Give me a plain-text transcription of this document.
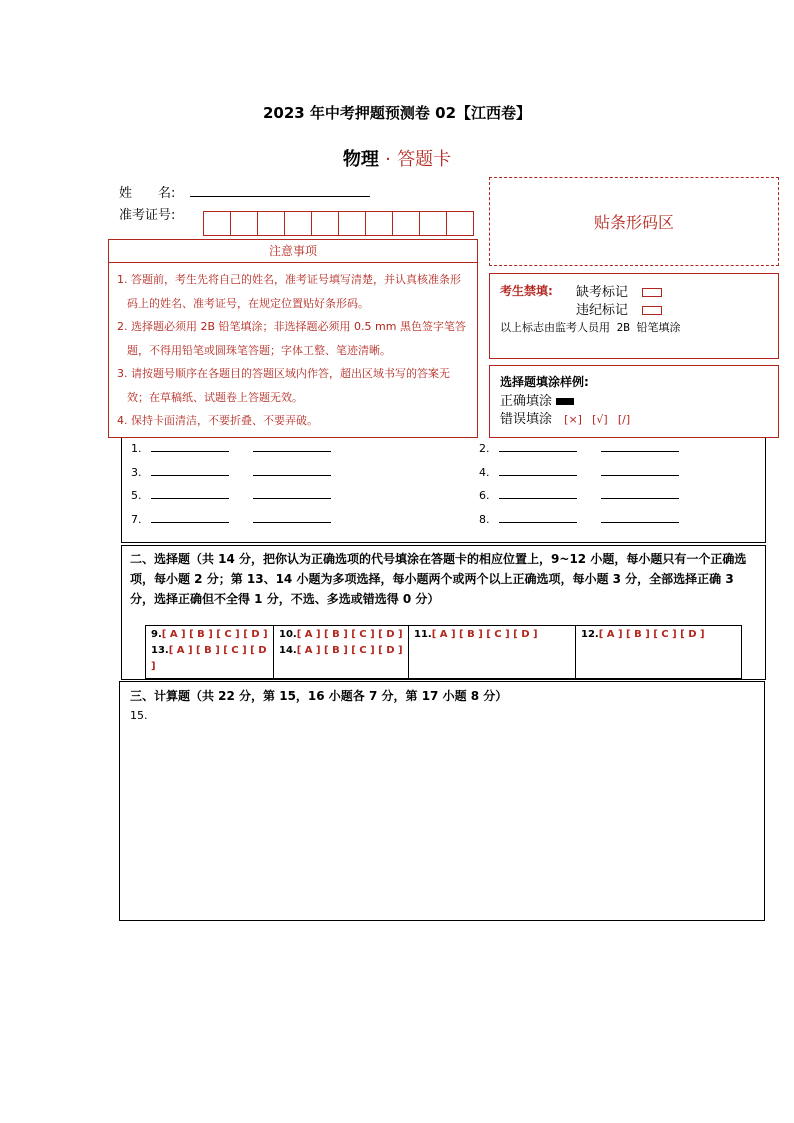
2023 年中考押题预测卷 02【江西卷】
物理 · 答题卡
姓　　名:
准考证号:	贴条形码区
1.
3.
5.
7.
2.
4.
6.
8.
注意事项
1. 答题前，考生先将自己的姓名，准考证号填写清楚，并认真核准条形码上的姓名、准考证号，在规定位置贴好条形码。
2. 选择题必须用 2B 铅笔填涂；非选择题必须用 0.5 mm 黑色签字笔答题，不得用铅笔或圆珠笔答题；字体工整、笔迹清晰。
3. 请按题号顺序在各题目的答题区域内作答，超出区域书写的答案无效；在草稿纸、试题卷上答题无效。
4. 保持卡面清洁，不要折叠、不要弄破。
考生禁填: 缺考标记
违纪标记
以上标志由监考人员用 2B 铅笔填涂
选择题填涂样例:
正确填涂
错误填涂 [×] [√] [/]
二、选择题（共 14 分，把你认为正确选项的代号填涂在答题卡的相应位置上，9~12 小题，每小题只有一个正确选项，每小题 2 分；第 13、14 小题为多项选择，每小题两个或两个以上正确选项，每小题 3 分，全部选择正确 3 分，选择正确但不全得 1 分，不选、多选或错选得 0 分）
9.[ A ] [ B ] [ C ] [ D ]
13.[ A ] [ B ] [ C ] [ D ]
10.[ A ] [ B ] [ C ] [ D ]
14.[ A ] [ B ] [ C ] [ D ]
11.[ A ] [ B ] [ C ] [ D ]	12.[ A ] [ B ] [ C ] [ D ]
三、计算题（共 22 分，第 15，16 小题各 7 分，第 17 小题 8 分）
15.
